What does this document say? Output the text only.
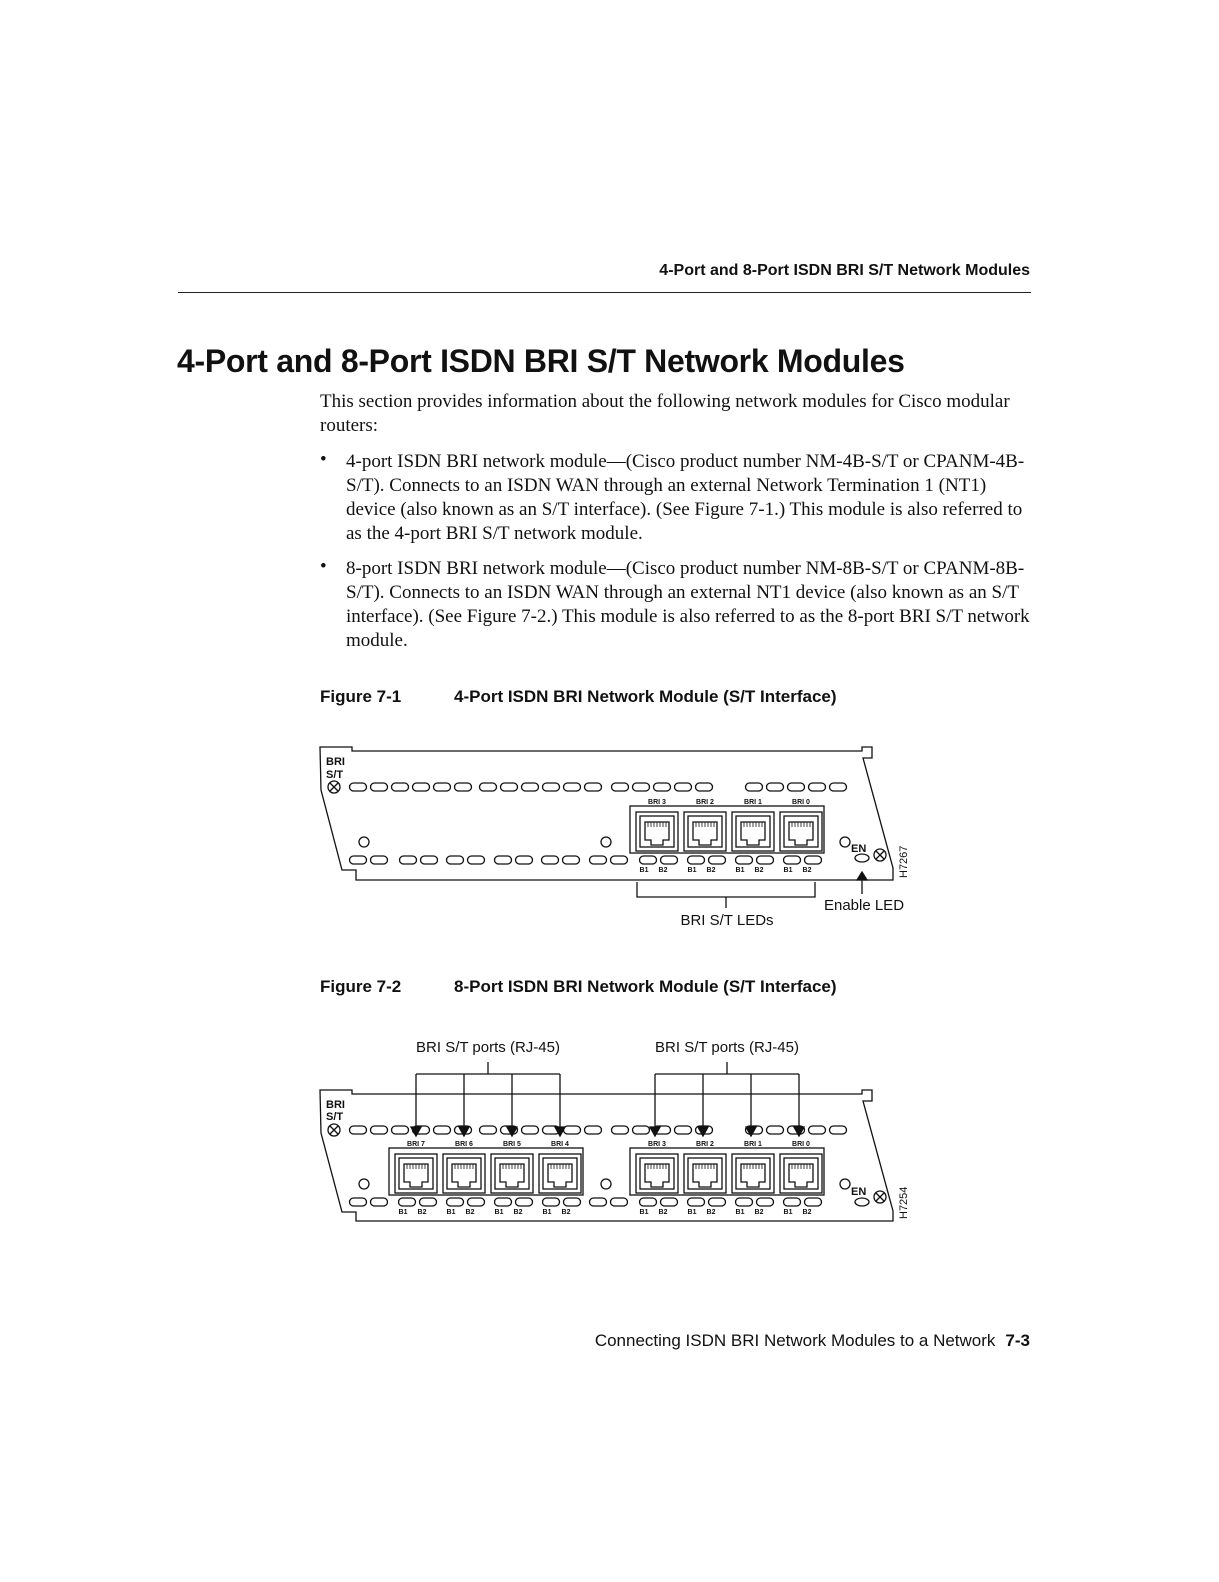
4-Port and 8-Port ISDN BRI S/T Network Modules
4-Port and 8-Port ISDN BRI S/T Network Modules

This section provides information about the following network modules for Cisco modular routers:

• 4-port ISDN BRI network module—(Cisco product number NM-4B-S/T or CPANM-4B-S/T). Connects to an ISDN WAN through an external Network Termination 1 (NT1) device (also known as an S/T interface). (See Figure 7-1.) This module is also referred to as the 4-port BRI S/T network module.

• 8-port ISDN BRI network module—(Cisco product number NM-8B-S/T or CPANM-8B-S/T). Connects to an ISDN WAN through an external NT1 device (also known as an S/T interface). (See Figure 7-2.) This module is also referred to as the 8-port BRI S/T network module.

Figure 7-1	4-Port ISDN BRI Network Module (S/T Interface)
BRI
S/T
BRI 3	BRI 2	BRI 1	BRI 0
B1 B2	B1 B2	B1 B2	B1 B2
EN	H7267
BRI S/T LEDs
Enable LED
Figure 7-2	8-Port ISDN BRI Network Module (S/T Interface)
BRI S/T ports (RJ-45)	BRI S/T ports (RJ-45)
BRI
S/T
BRI 7	BRI 6	BRI 5	BRI 4	BRI 3	BRI 2	BRI 1	BRI 0
B1 B2	B1 B2	B1 B2	B1 B2	B1 B2	B1 B2	B1 B2	B1 B2
EN	H7254
Connecting ISDN BRI Network Modules to a Network 7-3
